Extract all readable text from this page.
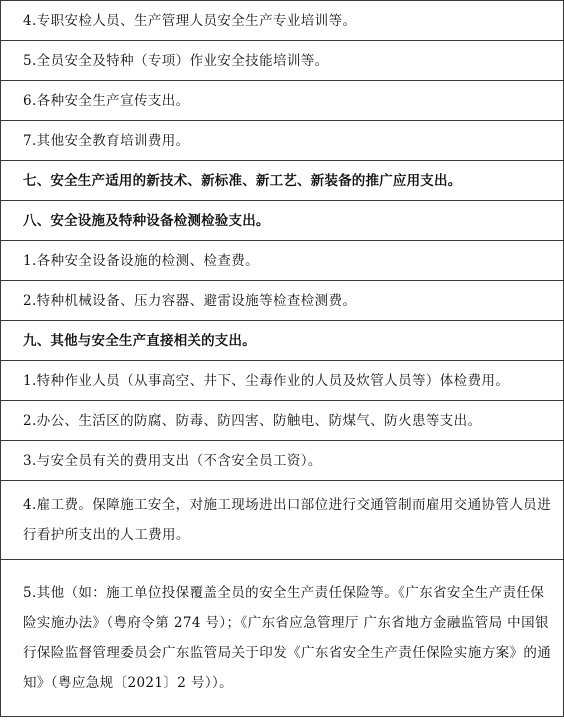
4.专职安检人员、生产管理人员安全生产专业培训等。
5.全员安全及特种（专项）作业安全技能培训等。
6.各种安全生产宣传支出。
7.其他安全教育培训费用。
七、安全生产适用的新技术、新标准、新工艺、新装备的推广应用支出。
八、安全设施及特种设备检测检验支出。
1.各种安全设备设施的检测、检查费。
2.特种机械设备、压力容器、避雷设施等检查检测费。
九、其他与安全生产直接相关的支出。
1.特种作业人员（从事高空、井下、尘毒作业的人员及炊管人员等）体检费用。
2.办公、生活区的防腐、防毒、防四害、防触电、防煤气、防火患等支出。
3.与安全员有关的费用支出（不含安全员工资）。
4.雇工费。保障施工安全，对施工现场进出口部位进行交通管制而雇用交通协管人员进行看护所支出的人工费用。
5.其他（如：施工单位投保覆盖全员的安全生产责任保险等。《广东省安全生产责任保险实施办法》（粤府令第 274 号）；《广东省应急管理厅 广东省地方金融监管局 中国银行保险监督管理委员会广东监管局关于印发《广东省安全生产责任保险实施方案》的通知》（粤应急规〔2021〕2 号））。
